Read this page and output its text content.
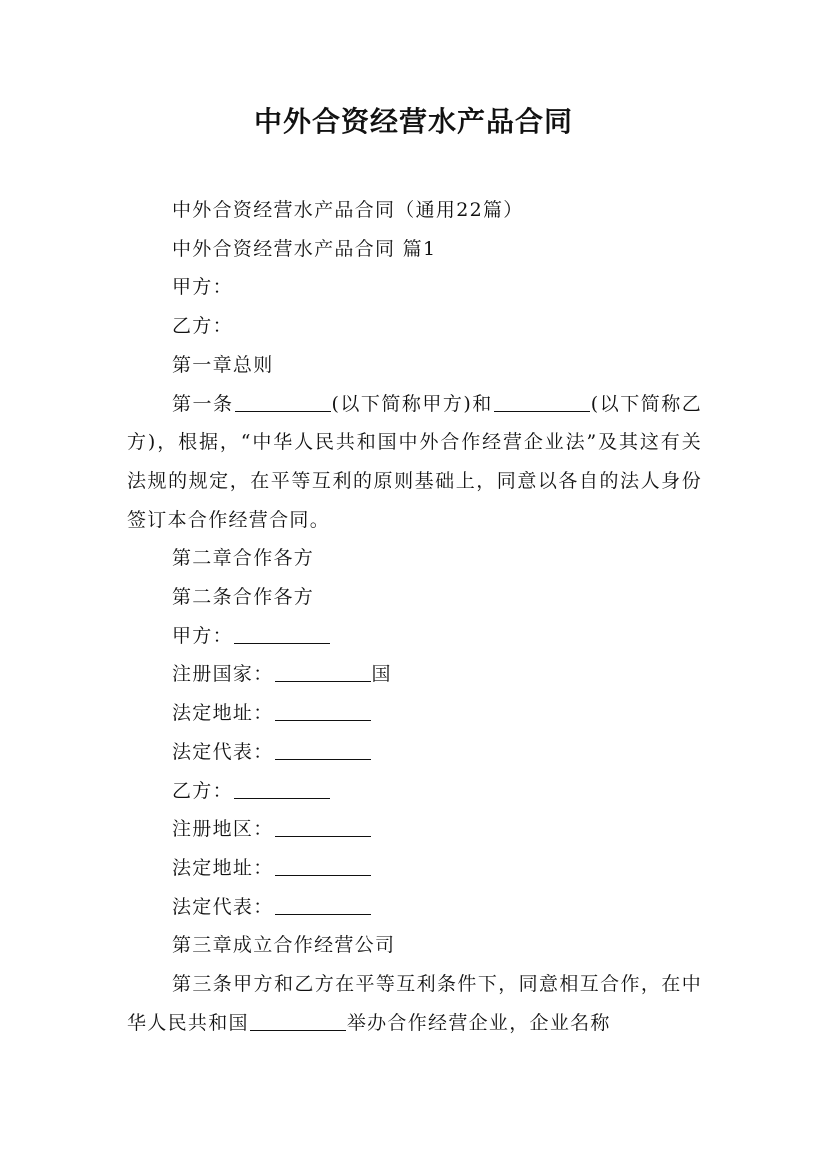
中外合资经营水产品合同

中外合资经营水产品合同（通用22篇）

中外合资经营水产品合同 篇1

甲方：

乙方：

第一章总则

第一条	(以下简称甲方)和	(以下简称乙方)，根据，“中华人民共和国中外合作经营企业法”及其这有关法规的规定，在平等互利的原则基础上，同意以各自的法人身份签订本合作经营合同。

第二章合作各方

第二条合作各方

甲方：

注册国家：	国

法定地址：

法定代表：

乙方：

注册地区：

法定地址：

法定代表：

第三章成立合作经营公司

第三条甲方和乙方在平等互利条件下，同意相互合作，在中华人民共和国	举办合作经营企业，企业名称
